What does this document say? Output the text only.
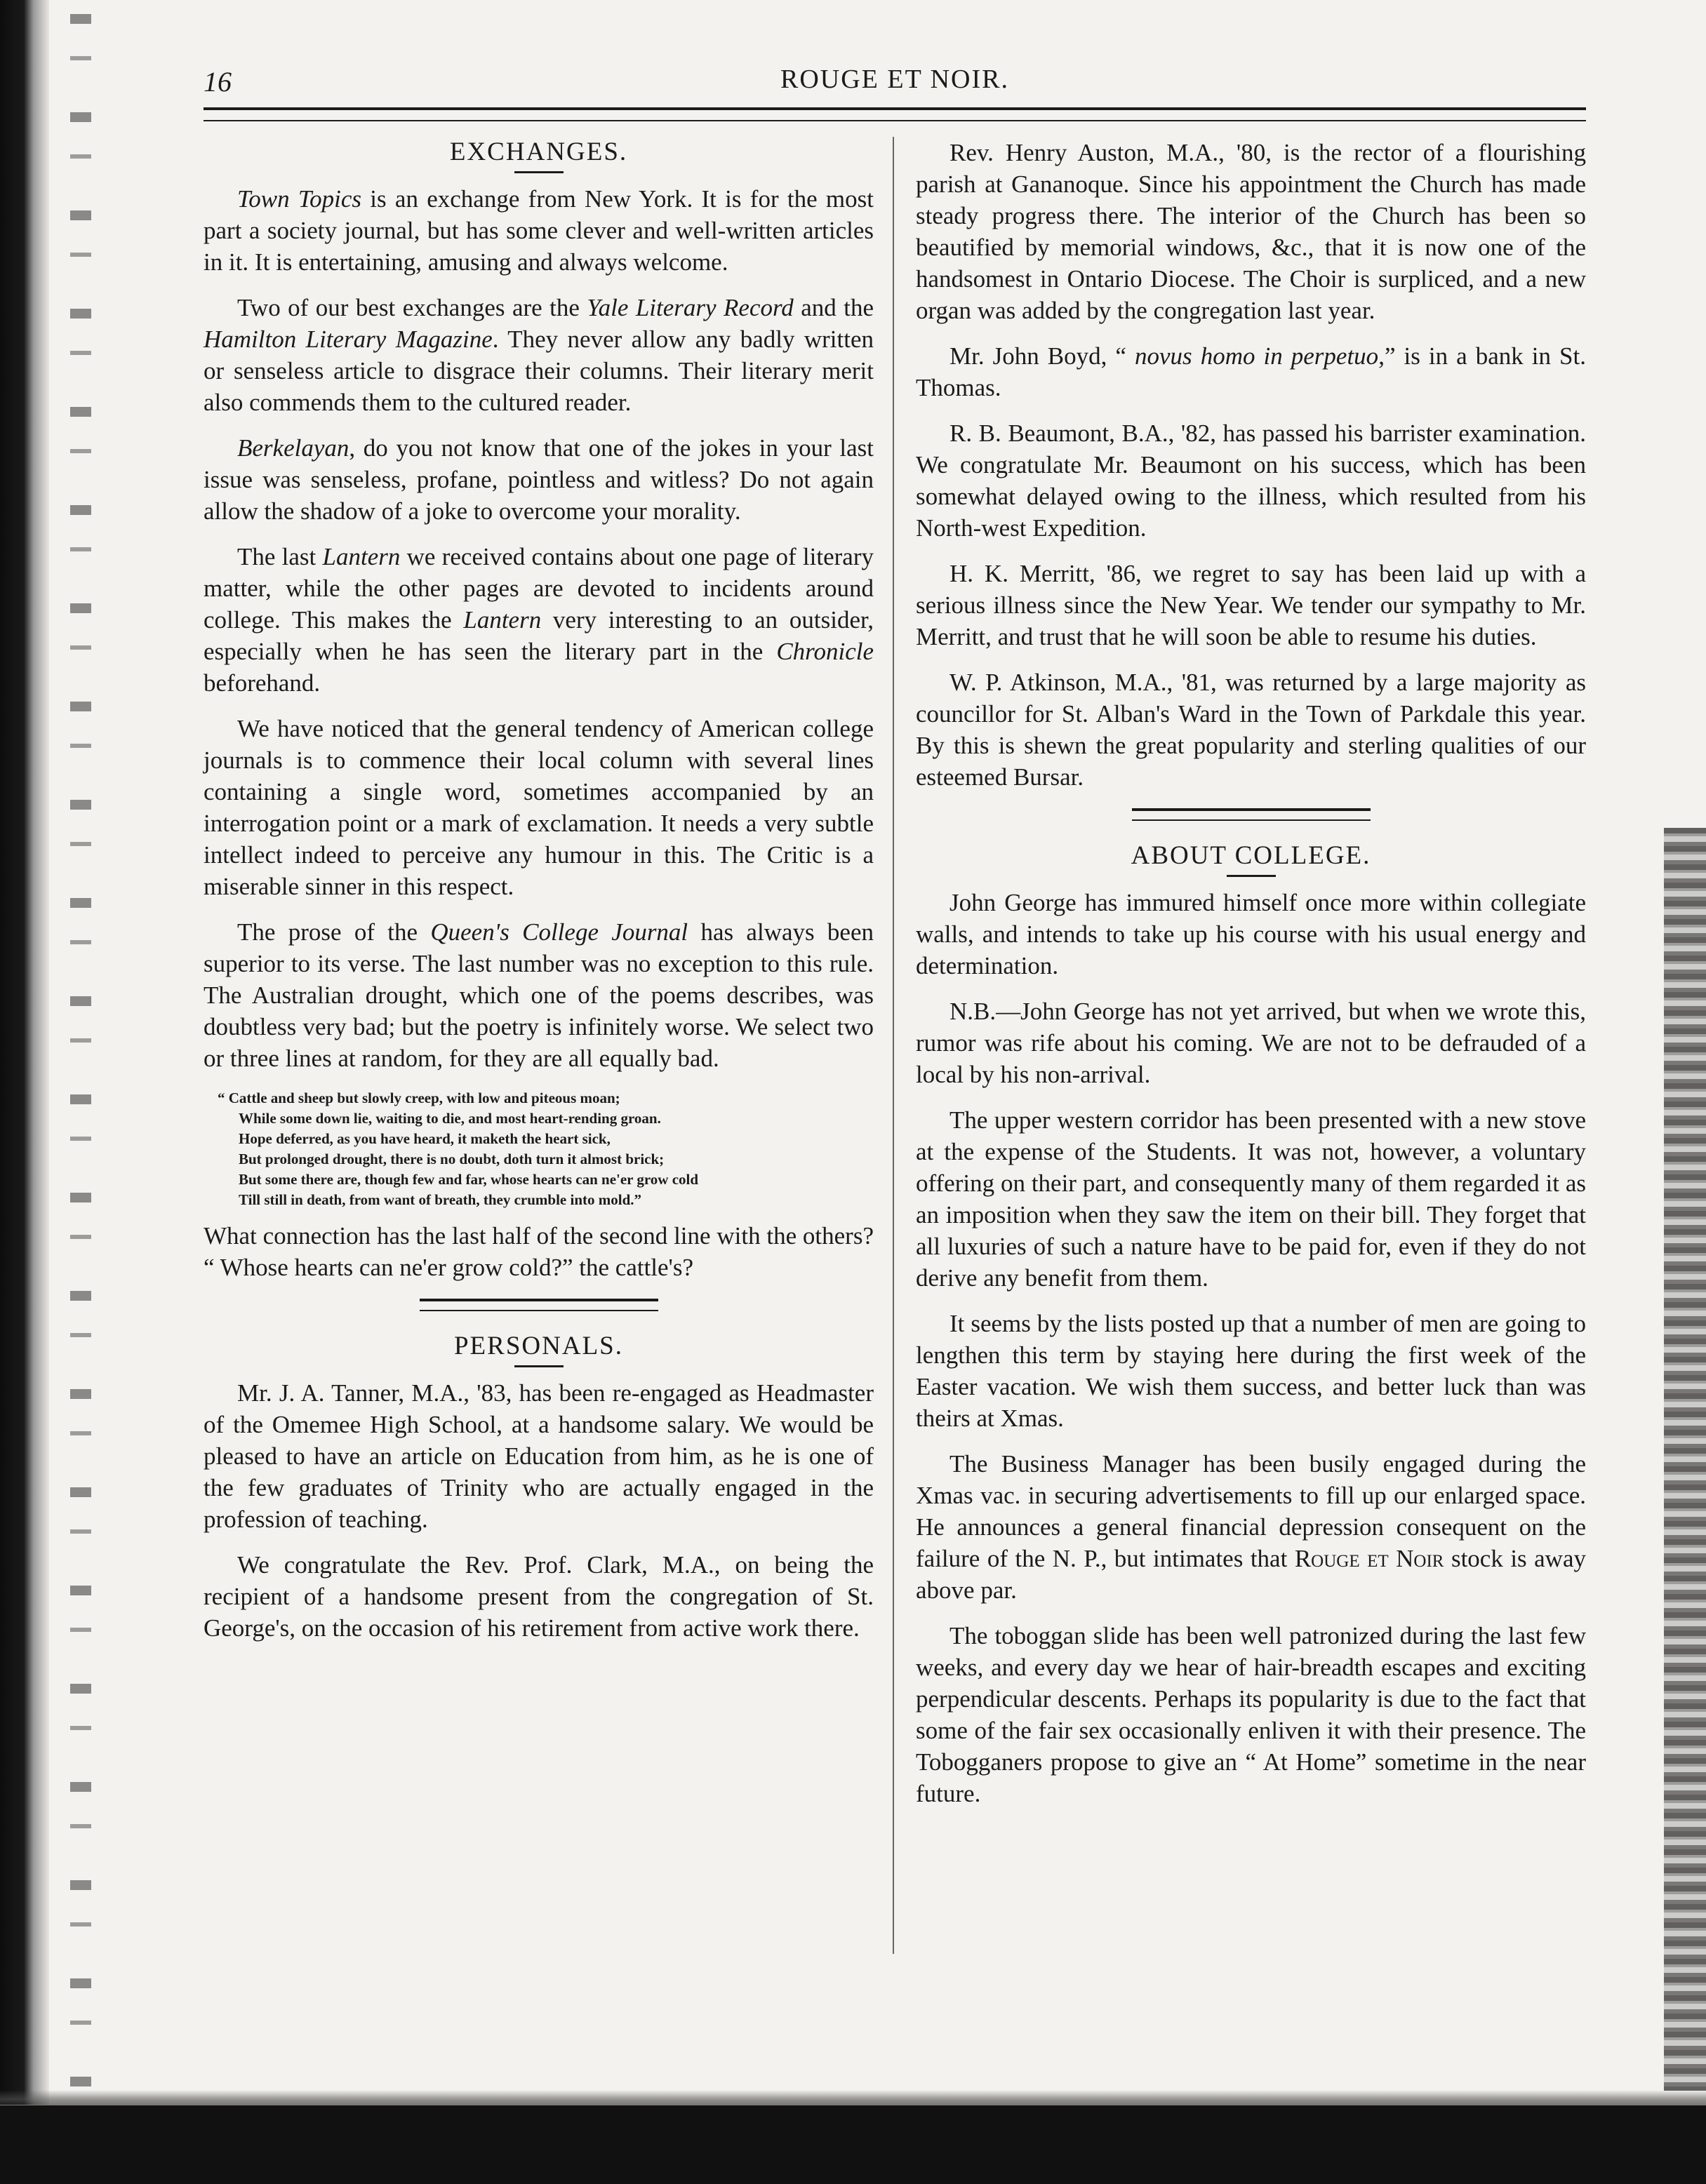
16	ROUGE ET NOIR.
EXCHANGES.

Town Topics is an exchange from New York. It is for the most part a society journal, but has some clever and well-written articles in it. It is entertaining, amusing and always welcome.

Two of our best exchanges are the Yale Literary Record and the Hamilton Literary Magazine. They never allow any badly written or senseless article to disgrace their columns. Their literary merit also commends them to the cultured reader.

Berkelayan, do you not know that one of the jokes in your last issue was senseless, profane, pointless and witless? Do not again allow the shadow of a joke to overcome your morality.

The last Lantern we received contains about one page of literary matter, while the other pages are devoted to incidents around college. This makes the Lantern very interesting to an outsider, especially when he has seen the literary part in the Chronicle beforehand.

We have noticed that the general tendency of American college journals is to commence their local column with several lines containing a single word, sometimes accompanied by an interrogation point or a mark of exclamation. It needs a very subtle intellect indeed to perceive any humour in this. The Critic is a miserable sinner in this respect.

The prose of the Queen's College Journal has always been superior to its verse. The last number was no exception to this rule. The Australian drought, which one of the poems describes, was doubtless very bad; but the poetry is infinitely worse. We select two or three lines at random, for they are all equally bad.

“ Cattle and sheep but slowly creep, with low and piteous moan;
While some down lie, waiting to die, and most heart-rending groan.
Hope deferred, as you have heard, it maketh the heart sick,
But prolonged drought, there is no doubt, doth turn it almost brick;
But some there are, though few and far, whose hearts can ne'er grow cold
Till still in death, from want of breath, they crumble into mold.”

What connection has the last half of the second line with the others? “ Whose hearts can ne'er grow cold?” the cattle's?

PERSONALS.

Mr. J. A. Tanner, M.A., '83, has been re-engaged as Headmaster of the Omemee High School, at a handsome salary. We would be pleased to have an article on Education from him, as he is one of the few graduates of Trinity who are actually engaged in the profession of teaching.

We congratulate the Rev. Prof. Clark, M.A., on being the recipient of a handsome present from the congregation of St. George's, on the occasion of his retirement from active work there.

Rev. Henry Auston, M.A., '80, is the rector of a flourishing parish at Gananoque. Since his appointment the Church has made steady progress there. The interior of the Church has been so beautified by memorial windows, &c., that it is now one of the handsomest in Ontario Diocese. The Choir is surpliced, and a new organ was added by the congregation last year.

Mr. John Boyd, “ novus homo in perpetuo,” is in a bank in St. Thomas.

R. B. Beaumont, B.A., '82, has passed his barrister examination. We congratulate Mr. Beaumont on his success, which has been somewhat delayed owing to the illness, which resulted from his North-west Expedition.

H. K. Merritt, '86, we regret to say has been laid up with a serious illness since the New Year. We tender our sympathy to Mr. Merritt, and trust that he will soon be able to resume his duties.

W. P. Atkinson, M.A., '81, was returned by a large majority as councillor for St. Alban's Ward in the Town of Parkdale this year. By this is shewn the great popularity and sterling qualities of our esteemed Bursar.

ABOUT COLLEGE.

John George has immured himself once more within collegiate walls, and intends to take up his course with his usual energy and determination.

N.B.—John George has not yet arrived, but when we wrote this, rumor was rife about his coming. We are not to be defrauded of a local by his non-arrival.

The upper western corridor has been presented with a new stove at the expense of the Students. It was not, however, a voluntary offering on their part, and consequently many of them regarded it as an imposition when they saw the item on their bill. They forget that all luxuries of such a nature have to be paid for, even if they do not derive any benefit from them.

It seems by the lists posted up that a number of men are going to lengthen this term by staying here during the first week of the Easter vacation. We wish them success, and better luck than was theirs at Xmas.

The Business Manager has been busily engaged during the Xmas vac. in securing advertisements to fill up our enlarged space. He announces a general financial depression consequent on the failure of the N. P., but intimates that Rouge et Noir stock is away above par.

The toboggan slide has been well patronized during the last few weeks, and every day we hear of hair-breadth escapes and exciting perpendicular descents. Perhaps its popularity is due to the fact that some of the fair sex occasionally enliven it with their presence. The Tobogganers propose to give an “ At Home” sometime in the near future.
